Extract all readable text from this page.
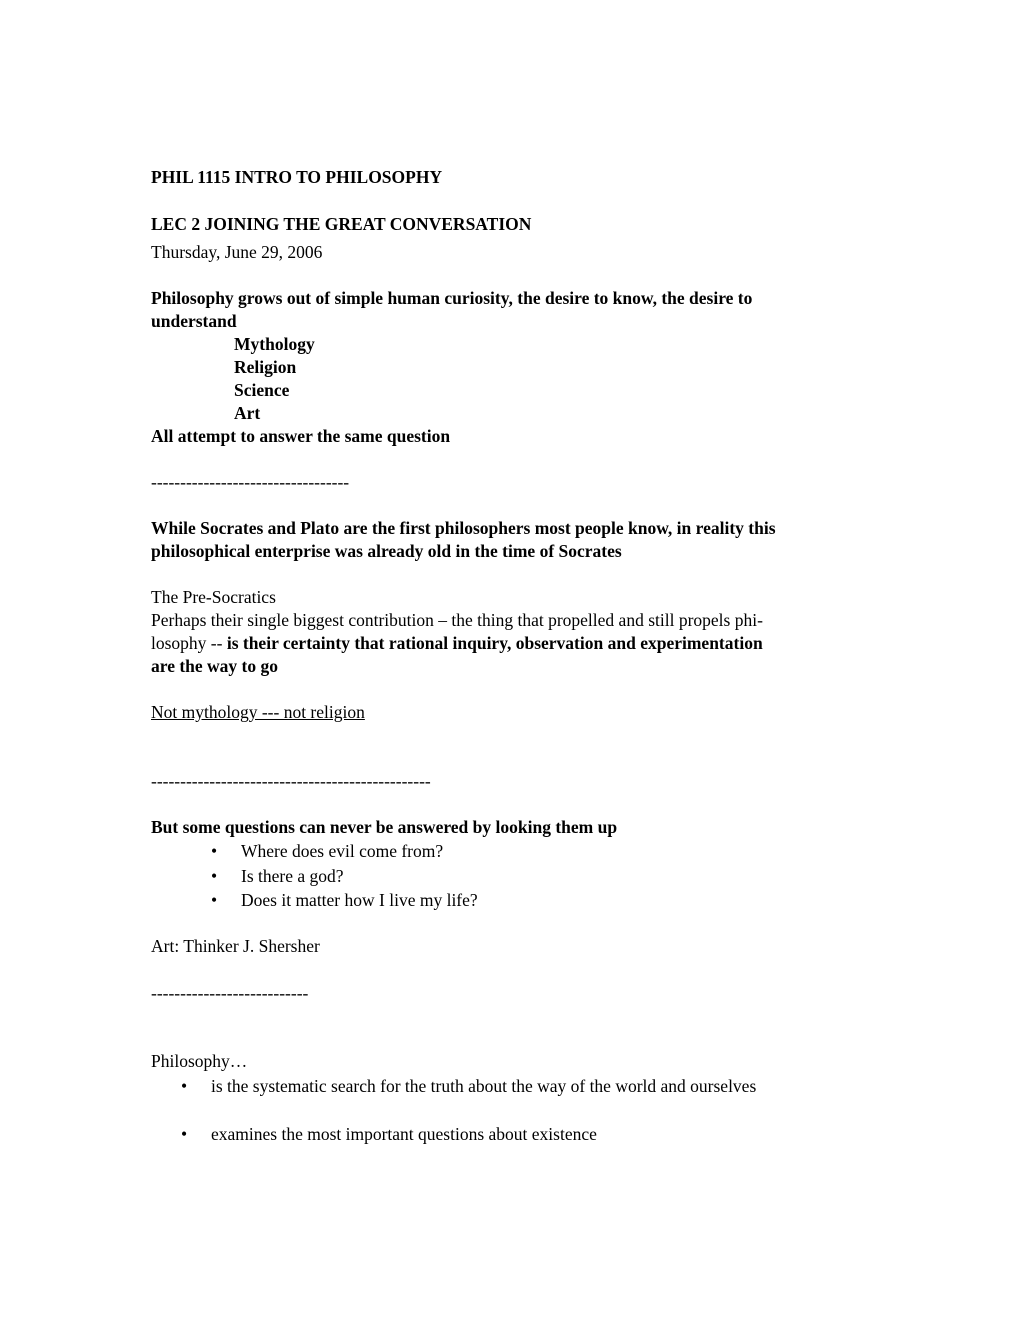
PHIL 1115 INTRO TO PHILOSOPHY
LEC 2 JOINING THE GREAT CONVERSATION
Thursday, June 29, 2006
Philosophy grows out of simple human curiosity, the desire to know, the desire to
understand
Mythology
Religion
Science
Art
All attempt to answer the same question
----------------------------------
While Socrates and Plato are the first philosophers most people know, in reality this
philosophical enterprise was already old in the time of Socrates
The Pre-Socratics
Perhaps their single biggest contribution – the thing that propelled and still propels phi-
losophy -- is their certainty that rational inquiry, observation and experimentation
are the way to go
Not mythology --- not religion
------------------------------------------------
But some questions can never be answered by looking them up
• Where does evil come from?
• Is there a god?
• Does it matter how I live my life?
Art: Thinker J. Shersher
---------------------------
Philosophy…
• is the systematic search for the truth about the way of the world and ourselves
• examines the most important questions about existence
